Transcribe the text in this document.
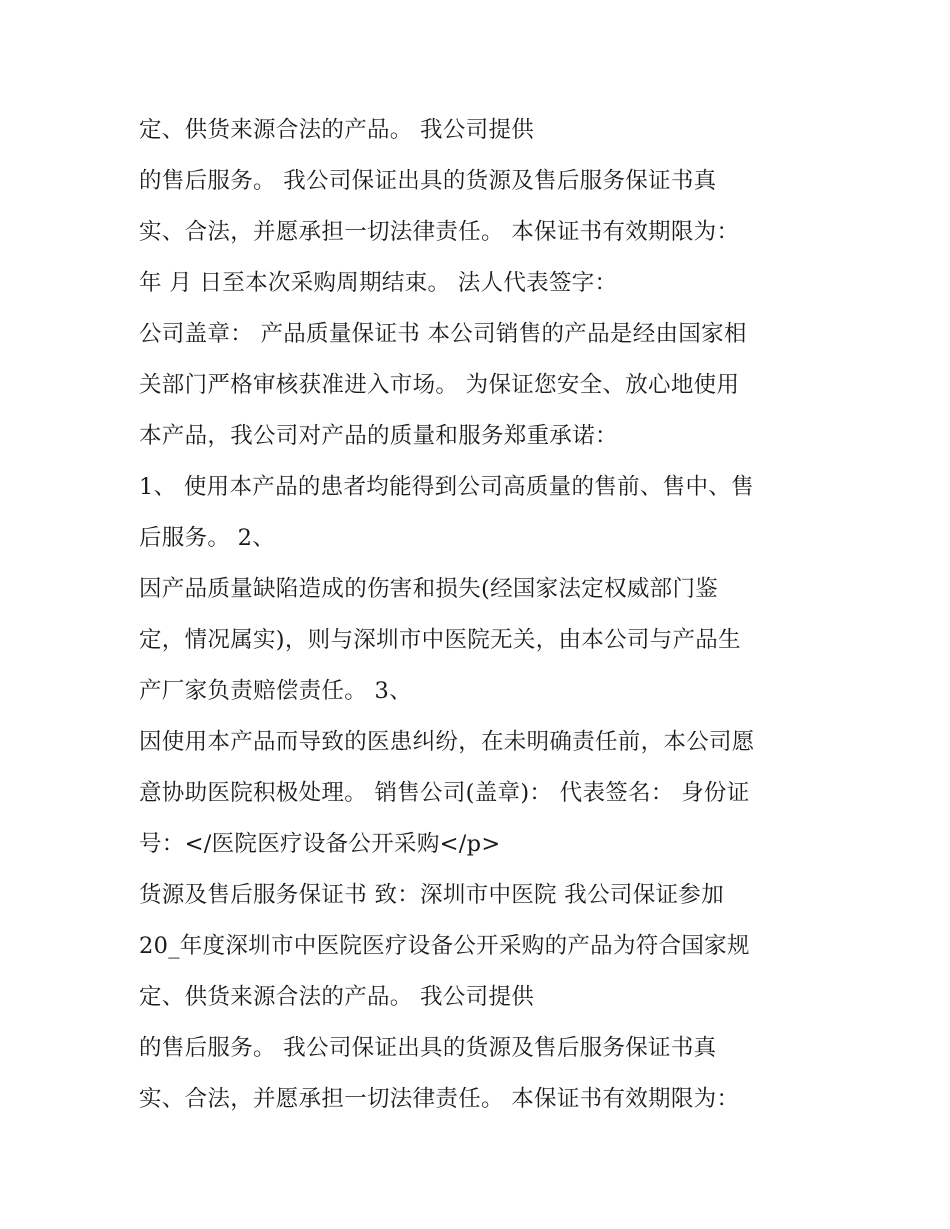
定、供货来源合法的产品。 我公司提供
的售后服务。 我公司保证出具的货源及售后服务保证书真
实、合法，并愿承担一切法律责任。 本保证书有效期限为：
年 月 日至本次采购周期结束。 法人代表签字：
公司盖章： 产品质量保证书 本公司销售的产品是经由国家相
关部门严格审核获准进入市场。 为保证您安全、放心地使用
本产品，我公司对产品的质量和服务郑重承诺：
1、 使用本产品的患者均能得到公司高质量的售前、售中、售
后服务。 2、
因产品质量缺陷造成的伤害和损失(经国家法定权威部门鉴
定，情况属实)，则与深圳市中医院无关，由本公司与产品生
产厂家负责赔偿责任。 3、
因使用本产品而导致的医患纠纷，在未明确责任前，本公司愿
意协助医院积极处理。 销售公司(盖章)： 代表签名： 身份证
号：</医院医疗设备公开采购</p>
货源及售后服务保证书 致：深圳市中医院 我公司保证参加
20_年度深圳市中医院医疗设备公开采购的产品为符合国家规
定、供货来源合法的产品。 我公司提供
的售后服务。 我公司保证出具的货源及售后服务保证书真
实、合法，并愿承担一切法律责任。 本保证书有效期限为：
